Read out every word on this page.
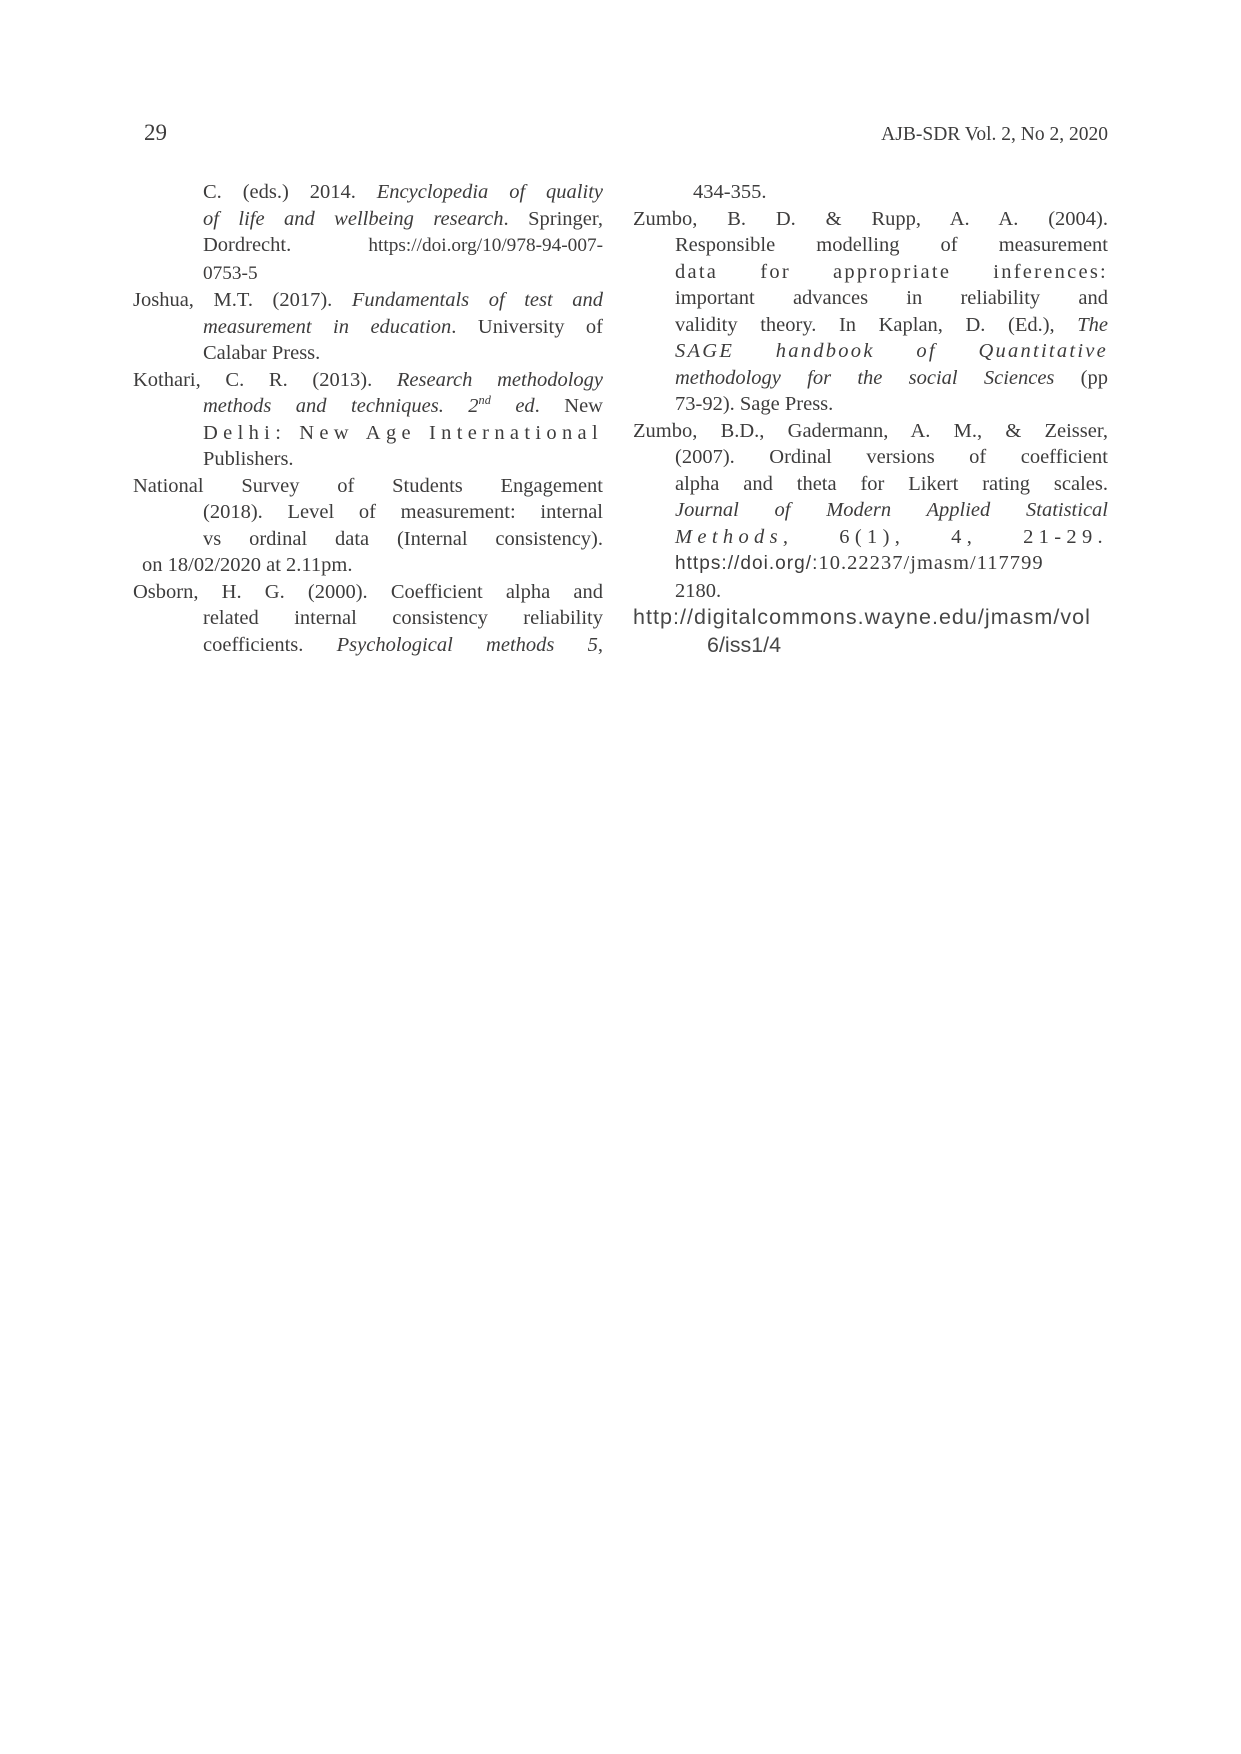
29	AJB-SDR Vol. 2, No 2, 2020
C. (eds.) 2014. Encyclopedia of quality
of life and wellbeing research. Springer,
Dordrecht. https://doi.org/10/978-94-007-
0753-5
Joshua, M.T. (2017). Fundamentals of test and
measurement in education. University of
Calabar Press.
Kothari, C. R. (2013). Research methodology
methods and techniques. 2nd ed. New
Delhi: New Age International
Publishers.
National Survey of Students Engagement
(2018). Level of measurement: internal
vs ordinal data (Internal consistency).
on 18/02/2020 at 2.11pm.
Osborn, H. G. (2000). Coefficient alpha and
related internal consistency reliability
coefficients. Psychological methods 5,
434-355.
Zumbo, B. D. & Rupp, A. A. (2004).
Responsible modelling of measurement
data for appropriate inferences:
important advances in reliability and
validity theory. In Kaplan, D. (Ed.), The
SAGE handbook of Quantitative
methodology for the social Sciences (pp
73-92). Sage Press.
Zumbo, B.D., Gadermann, A. M., & Zeisser,
(2007). Ordinal versions of coefficient
alpha and theta for Likert rating scales.
Journal of Modern Applied Statistical
Methods, 6(1), 4, 21-29.
https://doi.org/:10.22237/jmasm/117799
2180.
http://digitalcommons.wayne.edu/jmasm/vol
6/iss1/4
